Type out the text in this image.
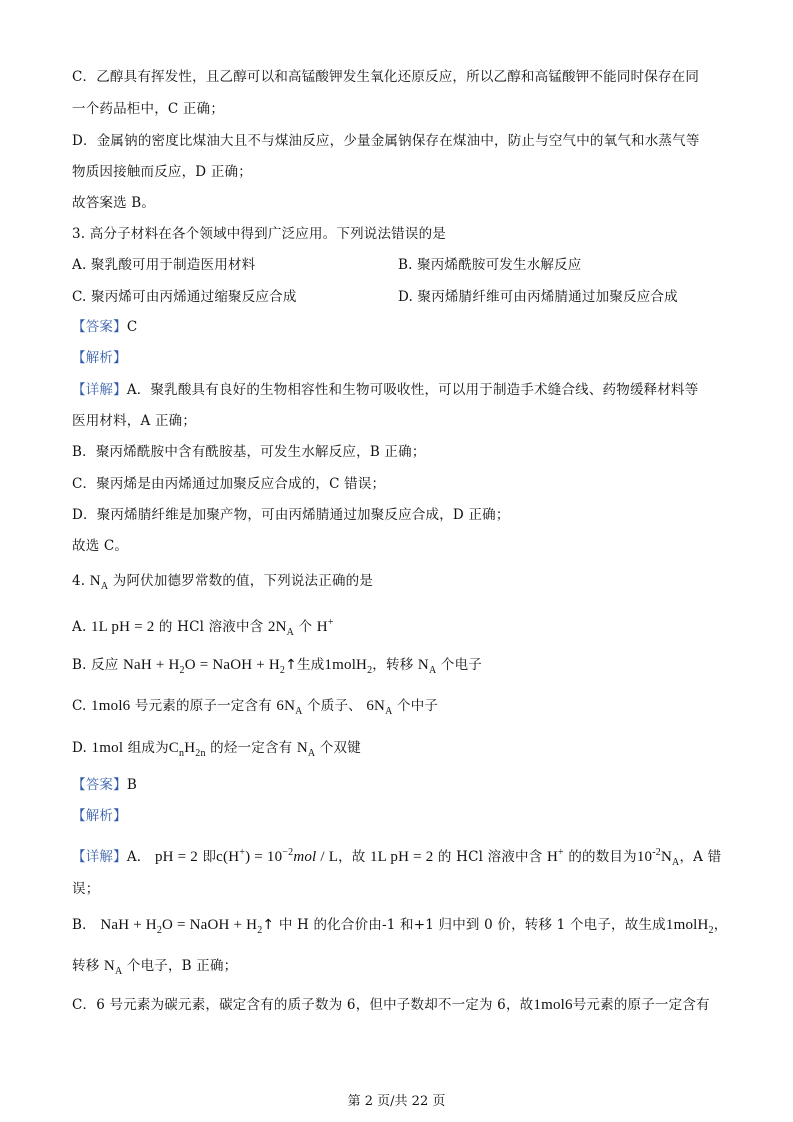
C．乙醇具有挥发性，且乙醇可以和高锰酸钾发生氧化还原反应，所以乙醇和高锰酸钾不能同时保存在同
一个药品柜中，C 正确；
D．金属钠的密度比煤油大且不与煤油反应，少量金属钠保存在煤油中，防止与空气中的氧气和水蒸气等
物质因接触而反应，D 正确；
故答案选 B。
3. 高分子材料在各个领域中得到广泛应用。下列说法错误的是
A. 聚乳酸可用于制造医用材料	B. 聚丙烯酰胺可发生水解反应
C. 聚丙烯可由丙烯通过缩聚反应合成	D. 聚丙烯腈纤维可由丙烯腈通过加聚反应合成
【答案】C
【解析】
【详解】A．聚乳酸具有良好的生物相容性和生物可吸收性，可以用于制造手术缝合线、药物缓释材料等
医用材料，A 正确；
B．聚丙烯酰胺中含有酰胺基，可发生水解反应，B 正确；
C．聚丙烯是由丙烯通过加聚反应合成的，C 错误；
D．聚丙烯腈纤维是加聚产物，可由丙烯腈通过加聚反应合成，D 正确；
故选 C。
4. $N_A$ 为阿伏加德罗常数的值，下列说法正确的是
A. 1L pH = 2 的 HCl 溶液中含 $2N_A$ 个 H+
B. 反应 NaH + $H_2O$ = NaOH + $H_2↑$生成1molH$_2$，转移 $N_A$ 个电子
C. 1mol6 号元素的原子一定含有 $6N_A$ 个质子、 $6N_A$ 个中子
D. 1mol 组成为$C_nH_{2n}$ 的烃一定含有 $N_A$ 个双键
【答案】B
【解析】
【详解】A． pH = 2 即$c(H^+) = 10^{-2}mol / L$，故 1L pH = 2 的 HCl 溶液中含 H+ 的的数目为$10^{-2}N_A$，A 错
误；
B． NaH + $H_2O$ = NaOH + $H_2↑$ 中 H 的化合价由-1 和+1 归中到 0 价，转移 1 个电子，故生成1molH$_2$，
转移 $N_A$ 个电子，B 正确；
C．6 号元素为碳元素，碳定含有的质子数为 6，但中子数却不一定为 6，故1mol6号元素的原子一定含有
第 2 页/共 22 页
